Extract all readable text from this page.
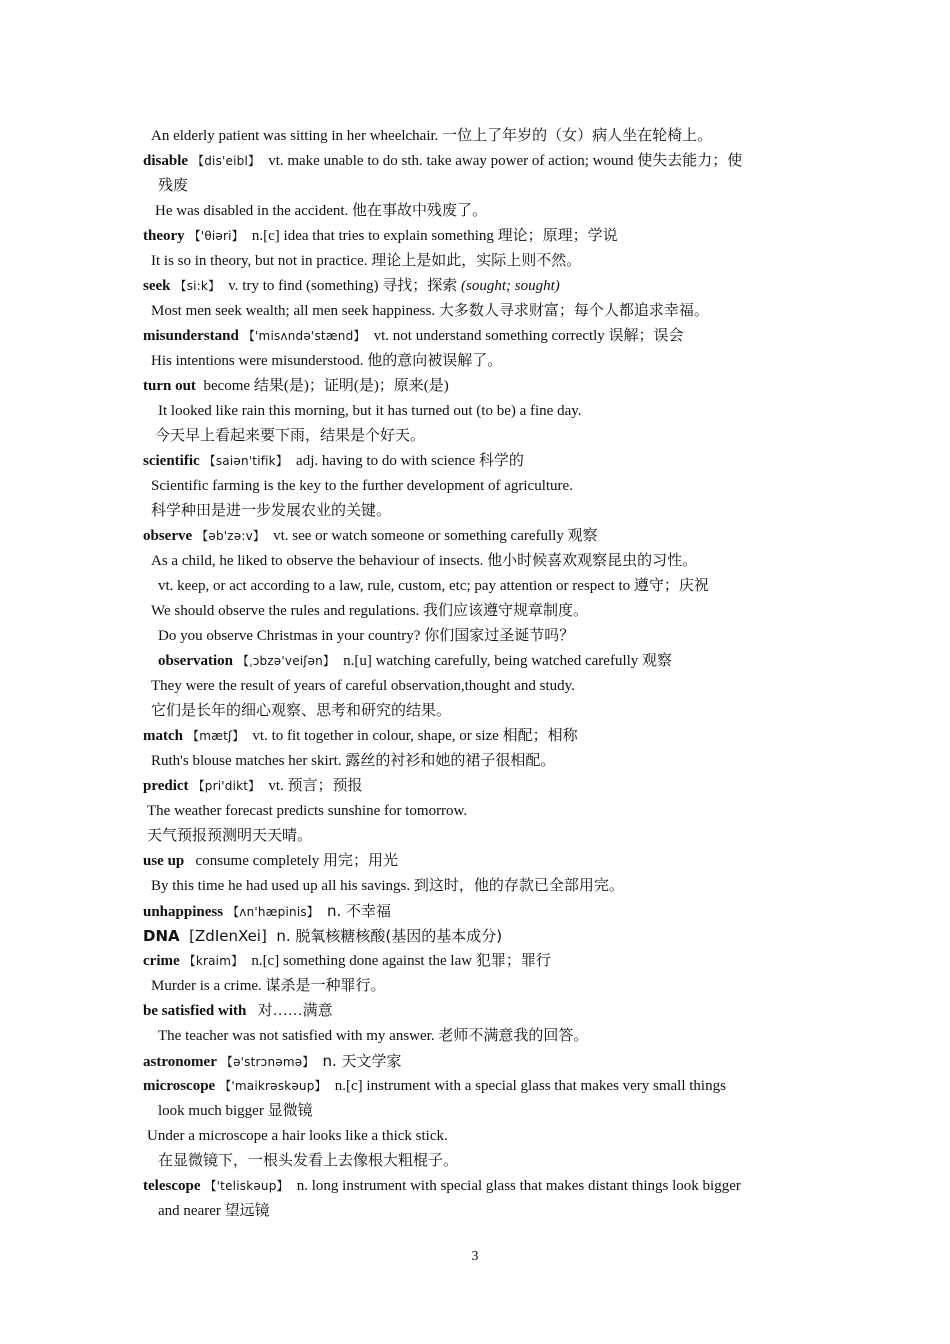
An elderly patient was sitting in her wheelchair. 一位上了年岁的（女）病人坐在轮椅上。
disable 【dis'eibl】 vt. make unable to do sth. take away power of action; wound 使失去能力；使
残废
He was disabled in the accident. 他在事故中残废了。
theory 【'θiəri】 n.[c] idea that tries to explain something 理论；原理；学说
It is so in theory, but not in practice. 理论上是如此，实际上则不然。
seek 【si:k】 v. try to find (something) 寻找；探索 (sought; sought)
Most men seek wealth; all men seek happiness. 大多数人寻求财富；每个人都追求幸福。
misunderstand 【'misʌndə'stænd】 vt. not understand something correctly 误解；误会
His intentions were misunderstood. 他的意向被误解了。
turn out become 结果(是)；证明(是)；原来(是)
It looked like rain this morning, but it has turned out (to be) a fine day.
今天早上看起来要下雨，结果是个好天。
scientific 【saiən'tifik】 adj. having to do with science 科学的
Scientific farming is the key to the further development of agriculture.
科学种田是进一步发展农业的关键。
observe 【əb'zə:v】 vt. see or watch someone or something carefully 观察
As a child, he liked to observe the behaviour of insects. 他小时候喜欢观察昆虫的习性。
vt. keep, or act according to a law, rule, custom, etc; pay attention or respect to 遵守；庆祝
We should observe the rules and regulations. 我们应该遵守规章制度。
Do you observe Christmas in your country? 你们国家过圣诞节吗？
observation 【ˌɔbzə'veiʃən】 n.[u] watching carefully, being watched carefully 观察
They were the result of years of careful observation,thought and study.
它们是长年的细心观察、思考和研究的结果。
match 【mætʃ】 vt. to fit together in colour, shape, or size 相配；相称
Ruth's blouse matches her skirt. 露丝的衬衫和她的裙子很相配。
predict 【pri'dikt】 vt. 预言；预报
The weather forecast predicts sunshine for tomorrow.
天气预报预测明天天晴。
use up consume completely 用完；用光
By this time he had used up all his savings. 到这时，他的存款已全部用完。
unhappiness 【ʌn'hæpinis】 n. 不幸福
DNA [ZdIenXei] n. 脱氧核糖核酸(基因的基本成分)
crime 【kraim】 n.[c] something done against the law 犯罪；罪行
Murder is a crime. 谋杀是一种罪行。
be satisfied with 对……满意
The teacher was not satisfied with my answer. 老师不满意我的回答。
astronomer 【ə'strɔnəmə】 n. 天文学家
microscope 【'maikrəskəup】 n.[c] instrument with a special glass that makes very small things
look much bigger 显微镜
Under a microscope a hair looks like a thick stick.
在显微镜下，一根头发看上去像根大粗棍子。
telescope 【'teliskəup】 n. long instrument with special glass that makes distant things look bigger
and nearer 望远镜
3
